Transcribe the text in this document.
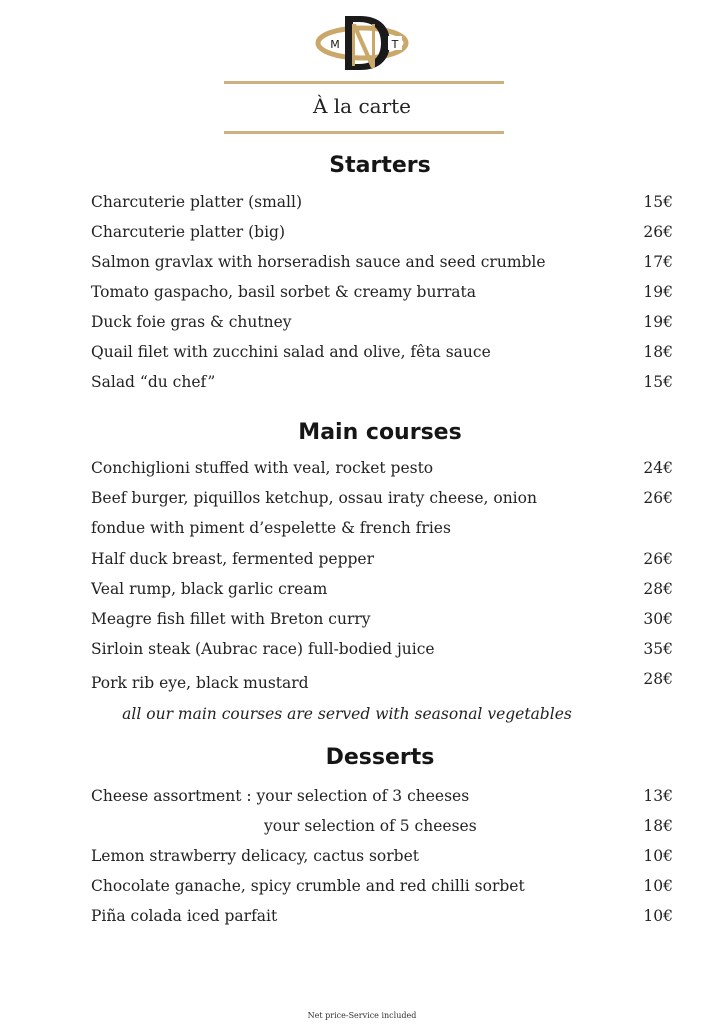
M	T
À la carte
Starters
Charcuterie platter (small)	15€
Charcuterie platter (big)	26€
Salmon gravlax with horseradish sauce and seed crumble	17€
Tomato gaspacho, basil sorbet & creamy burrata	19€
Duck foie gras & chutney	19€
Quail filet with zucchini salad and olive, fêta sauce	18€
Salad “du chef”	15€
Main courses
Conchiglioni stuffed with veal, rocket pesto	24€
Beef burger, piquillos ketchup, ossau iraty cheese, onion	26€
fondue with piment d’espelette & french fries
Half duck breast, fermented pepper	26€
Veal rump, black garlic cream	28€
Meagre fish fillet with Breton curry	30€
Sirloin steak (Aubrac race) full-bodied juice	35€
Pork rib eye, black mustard	28€
all our main courses are served with seasonal vegetables
Desserts
Cheese assortment : your selection of 3 cheeses	13€
your selection of 5 cheeses	18€
Lemon strawberry delicacy, cactus sorbet	10€
Chocolate ganache, spicy crumble and red chilli sorbet	10€
Piña colada iced parfait	10€
Net price-Service included
